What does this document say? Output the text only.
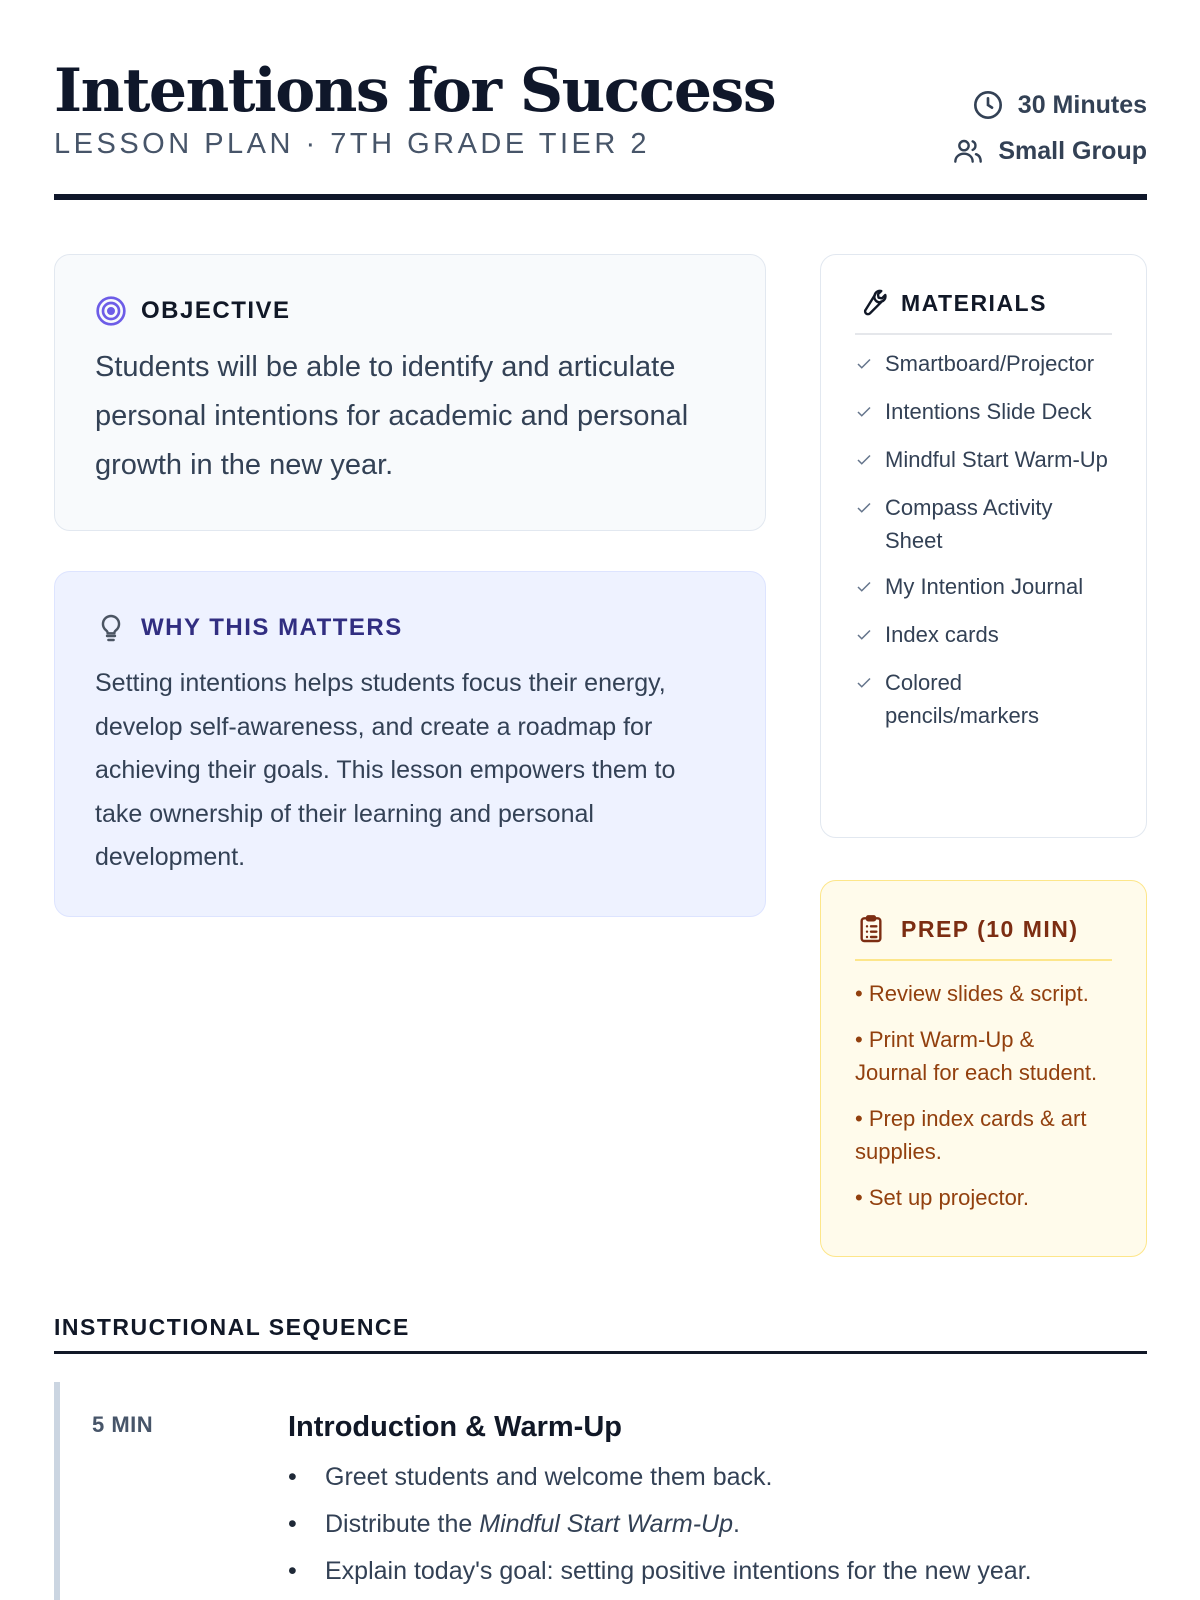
Intentions for Success
LESSON PLAN · 7TH GRADE TIER 2
30 Minutes
Small Group
OBJECTIVE
Students will be able to identify and articulate personal intentions for academic and personal growth in the new year.
WHY THIS MATTERS
Setting intentions helps students focus their energy, develop self-awareness, and create a roadmap for achieving their goals. This lesson empowers them to take ownership of their learning and personal development.
MATERIALS
Smartboard/Projector
Intentions Slide Deck
Mindful Start Warm-Up
Compass Activity Sheet
My Intention Journal
Index cards
Colored pencils/markers
PREP (10 MIN)
• Review slides & script.
• Print Warm-Up & Journal for each student.
• Prep index cards & art supplies.
• Set up projector.
INSTRUCTIONAL SEQUENCE
5 MIN	Introduction & Warm-Up
•	Greet students and welcome them back.
•	Distribute the Mindful Start Warm-Up.
•	Explain today's goal: setting positive intentions for the new year.
